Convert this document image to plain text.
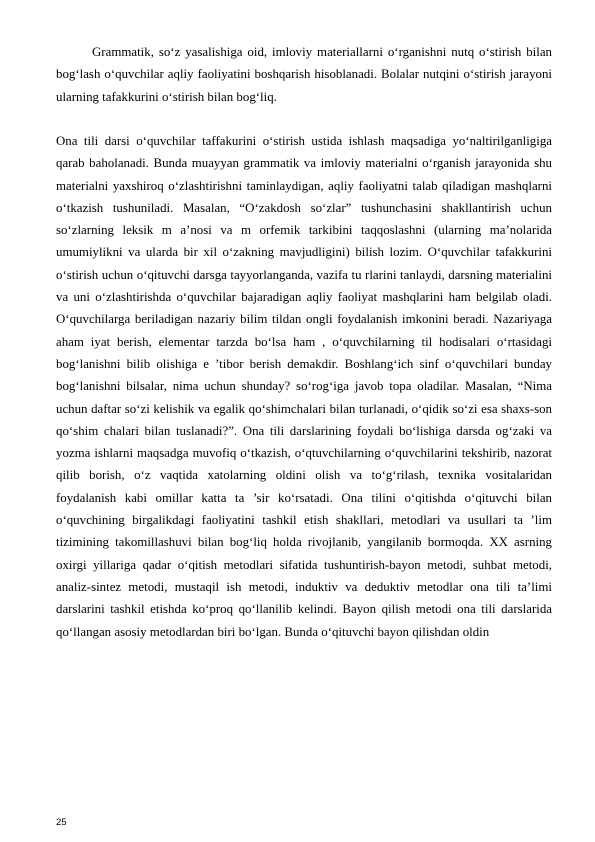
Grammatik, so‘z yasalishiga oid, imloviy materiallarni o‘rganishni nutq o‘stirish bilan bog‘lash o‘quvchilar aqliy faoliyatini boshqarish hisoblanadi. Bolalar nutqini o‘stirish jarayoni ularning tafakkurini o‘stirish bilan bog‘liq.

Ona tili darsi o‘quvchilar taffakurini o‘stirish ustida ishlash maqsadiga yo‘naltirilganligiga qarab baholanadi. Bunda muayyan grammatik va imloviy materialni o‘rganish jarayonida shu materialni yaxshiroq o‘zlashtirishni taminlaydigan, aqliy faoliyatni talab qiladigan mashqlarni o‘tkazish tushuniladi. Masalan, “O‘zakdosh so‘zlar” tushunchasini shakllantirish uchun so‘zlarning leksik m a’nosi va m orfemik tarkibini taqqoslashni (ularning ma’nolarida umumiylikni va ularda bir xil o‘zakning mavjudligini) bilish lozim. O‘quvchilar tafakkurini o‘stirish uchun o‘qituvchi darsga tayyorlanganda, vazifa tu rlarini tanlaydi, darsning materialini va uni o‘zlashtirishda o‘quvchilar bajaradigan aqliy faoliyat mashqlarini ham belgilab oladi. O‘quvchilarga beriladigan nazariy bilim tildan ongli foydalanish imkonini beradi. Nazariyaga aham iyat berish, elementar tarzda bo‘lsa ham , o‘quvchilarning til hodisalari o‘rtasidagi bog‘lanishni bilib olishiga e ’tibor berish demakdir. Boshlang‘ich sinf o‘quvchilari bunday bog‘lanishni bilsalar, nima uchun shunday? so‘rog‘iga javob topa oladilar. Masalan, “Nima uchun daftar so‘zi kelishik va egalik qo‘shimchalari bilan turlanadi, o‘qidik so‘zi esa shaxs-son qo‘shim chalari bilan tuslanadi?”. Ona tili darslarining foydali bo‘lishiga darsda og‘zaki va yozma ishlarni maqsadga muvofiq o‘tkazish, o‘qtuvchilarning o‘quvchilarini tekshirib, nazorat qilib borish, o‘z vaqtida xatolarning oldini olish va to‘g‘rilash, texnika vositalaridan foydalanish kabi omillar katta ta ’sir ko‘rsatadi. Ona tilini o‘qitishda o‘qituvchi bilan o‘quvchining birgalikdagi faoliyatini tashkil etish shakllari, metodlari va usullari ta ’lim tizimining takomillashuvi bilan bog‘liq holda rivojlanib, yangilanib bormoqda. XX asrning oxirgi yillariga qadar o‘qitish metodlari sifatida tushuntirish-bayon metodi, suhbat metodi, analiz-sintez metodi, mustaqil ish metodi, induktiv va deduktiv metodlar ona tili ta’limi darslarini tashkil etishda ko‘proq qo‘llanilib kelindi. Bayon qilish metodi ona tili darslarida qo‘llangan asosiy metodlardan biri bo‘lgan. Bunda o‘qituvchi bayon qilishdan oldin

25
